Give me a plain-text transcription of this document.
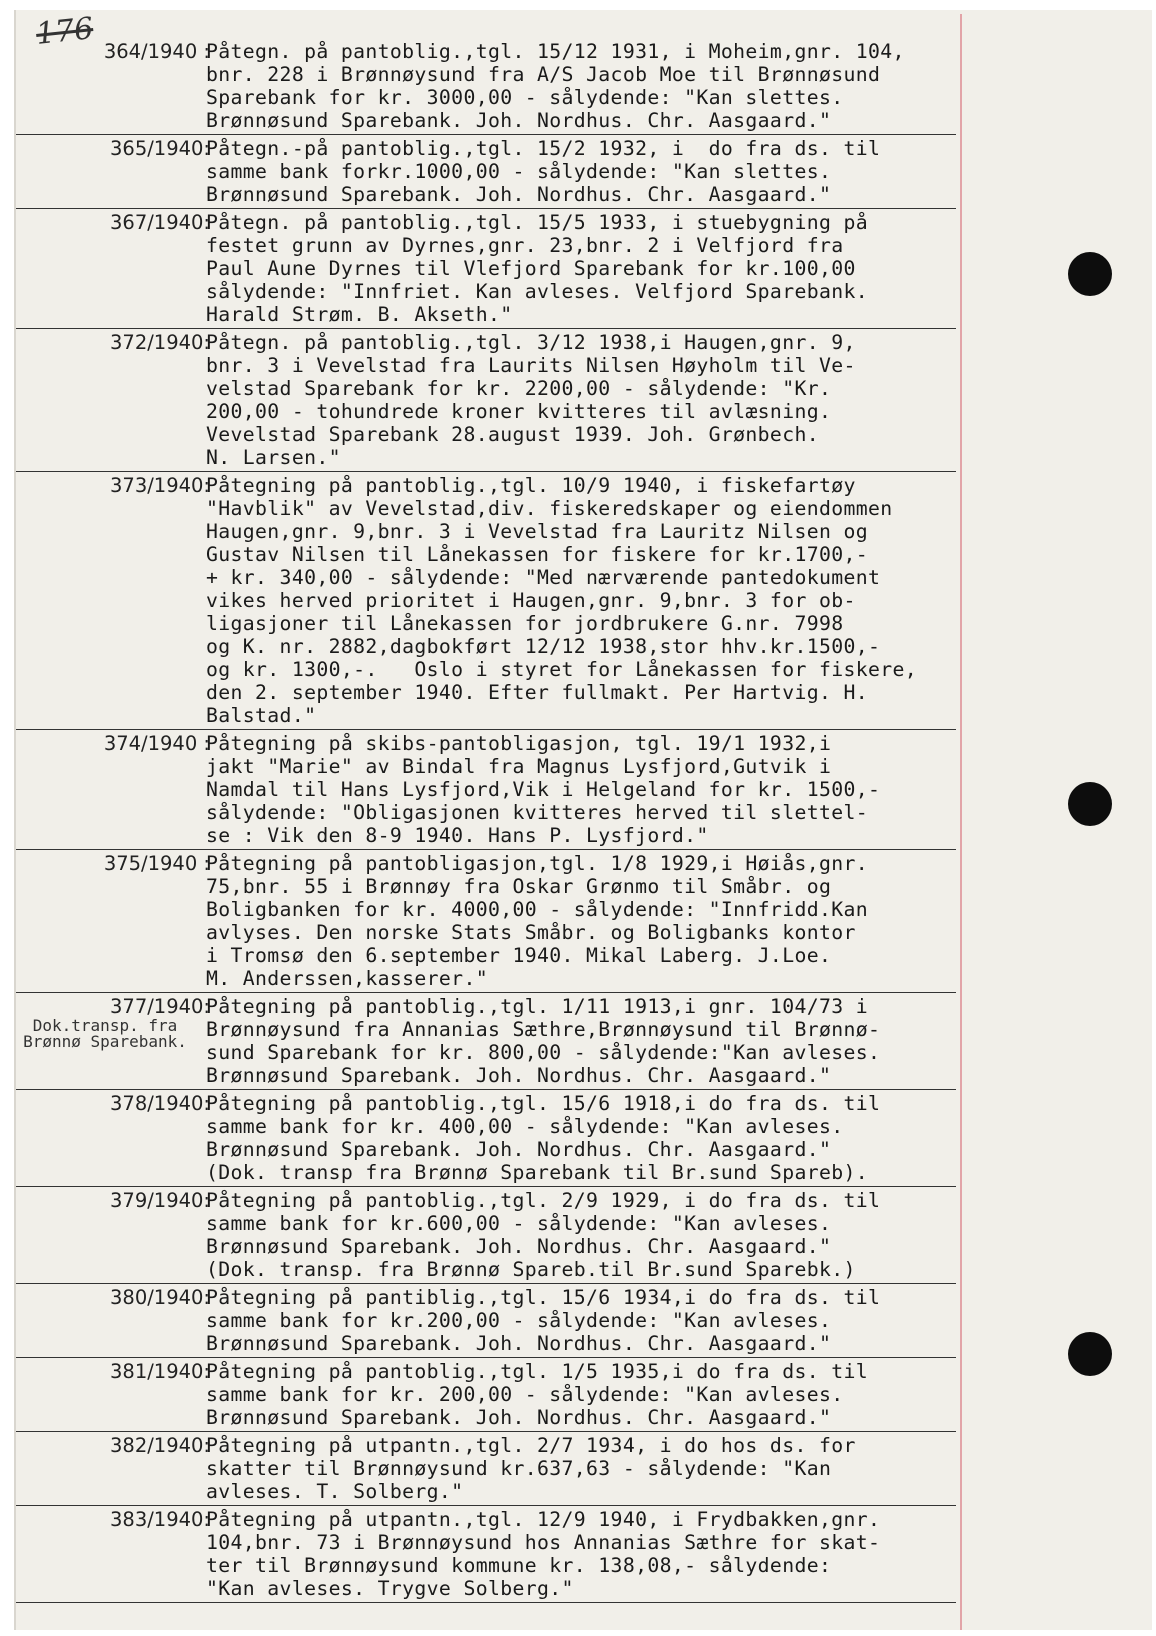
176 364/1940 :
Påtegn. på pantoblig.,tgl. 15/12 1931, i Moheim,gnr. 104,
bnr. 228 i Brønnøysund fra A/S Jacob Moe til Brønnøsund
Sparebank for kr. 3000,00 - sålydende: "Kan slettes.
Brønnøsund Sparebank. Joh. Nordhus. Chr. Aasgaard."
365/1940:
Påtegn.-på pantoblig.,tgl. 15/2 1932, i  do fra ds. til
samme bank forkr.1000,00 - sålydende: "Kan slettes.
Brønnøsund Sparebank. Joh. Nordhus. Chr. Aasgaard."
367/1940:
Påtegn. på pantoblig.,tgl. 15/5 1933, i stuebygning på
festet grunn av Dyrnes,gnr. 23,bnr. 2 i Velfjord fra
Paul Aune Dyrnes til Vlefjord Sparebank for kr.100,00
sålydende: "Innfriet. Kan avleses. Velfjord Sparebank.
Harald Strøm. B. Akseth."
372/1940:
Påtegn. på pantoblig.,tgl. 3/12 1938,i Haugen,gnr. 9,
bnr. 3 i Vevelstad fra Laurits Nilsen Høyholm til Ve-
velstad Sparebank for kr. 2200,00 - sålydende: "Kr.
200,00 - tohundrede kroner kvitteres til avlæsning.
Vevelstad Sparebank 28.august 1939. Joh. Grønbech.
N. Larsen."
373/1940:
Påtegning på pantoblig.,tgl. 10/9 1940, i fiskefartøy
"Havblik" av Vevelstad,div. fiskeredskaper og eiendommen
Haugen,gnr. 9,bnr. 3 i Vevelstad fra Lauritz Nilsen og
Gustav Nilsen til Lånekassen for fiskere for kr.1700,-
+ kr. 340,00 - sålydende: "Med nærværende pantedokument
vikes herved prioritet i Haugen,gnr. 9,bnr. 3 for ob-
ligasjoner til Lånekassen for jordbrukere G.nr. 7998
og K. nr. 2882,dagbokført 12/12 1938,stor hhv.kr.1500,-
og kr. 1300,-.   Oslo i styret for Lånekassen for fiskere,
den 2. september 1940. Efter fullmakt. Per Hartvig. H.
Balstad."
374/1940 :
Påtegning på skibs-pantobligasjon, tgl. 19/1 1932,i
jakt "Marie" av Bindal fra Magnus Lysfjord,Gutvik i
Namdal til Hans Lysfjord,Vik i Helgeland for kr. 1500,-
sålydende: "Obligasjonen kvitteres herved til slettel-
se : Vik den 8-9 1940. Hans P. Lysfjord."
375/1940 :
Påtegning på pantobligasjon,tgl. 1/8 1929,i Høiås,gnr.
75,bnr. 55 i Brønnøy fra Oskar Grønmo til Småbr. og
Boligbanken for kr. 4000,00 - sålydende: "Innfridd.Kan
avlyses. Den norske Stats Småbr. og Boligbanks kontor
i Tromsø den 6.september 1940. Mikal Laberg. J.Loe.
M. Anderssen,kasserer."
377/1940:
Dok.transp. fra Brønnø Sparebank.
Påtegning på pantoblig.,tgl. 1/11 1913,i gnr. 104/73 i
Brønnøysund fra Annanias Sæthre,Brønnøysund til Brønnø-
sund Sparebank for kr. 800,00 - sålydende:"Kan avleses.
Brønnøsund Sparebank. Joh. Nordhus. Chr. Aasgaard."
378/1940:
Påtegning på pantoblig.,tgl. 15/6 1918,i do fra ds. til
samme bank for kr. 400,00 - sålydende: "Kan avleses.
Brønnøsund Sparebank. Joh. Nordhus. Chr. Aasgaard."
(Dok. transp fra Brønnø Sparebank til Br.sund Spareb).
379/1940:
Påtegning på pantoblig.,tgl. 2/9 1929, i do fra ds. til
samme bank for kr.600,00 - sålydende: "Kan avleses.
Brønnøsund Sparebank. Joh. Nordhus. Chr. Aasgaard."
(Dok. transp. fra Brønnø Spareb.til Br.sund Sparebk.)
380/1940:
Påtegning på pantiblig.,tgl. 15/6 1934,i do fra ds. til
samme bank for kr.200,00 - sålydende: "Kan avleses.
Brønnøsund Sparebank. Joh. Nordhus. Chr. Aasgaard."
381/1940:
Påtegning på pantoblig.,tgl. 1/5 1935,i do fra ds. til
samme bank for kr. 200,00 - sålydende: "Kan avleses.
Brønnøsund Sparebank. Joh. Nordhus. Chr. Aasgaard."
382/1940:
Påtegning på utpantn.,tgl. 2/7 1934, i do hos ds. for
skatter til Brønnøysund kr.637,63 - sålydende: "Kan
avleses. T. Solberg."
383/1940:
Påtegning på utpantn.,tgl. 12/9 1940, i Frydbakken,gnr.
104,bnr. 73 i Brønnøysund hos Annanias Sæthre for skat-
ter til Brønnøysund kommune kr. 138,08,- sålydende:
"Kan avleses. Trygve Solberg."
